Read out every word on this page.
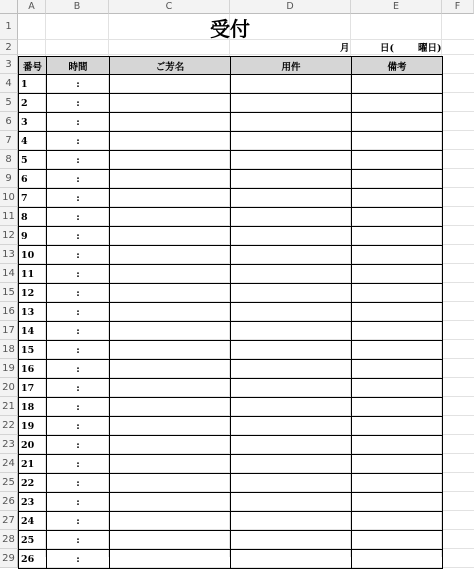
A	B	C	D	E	F
1
2
3
4
5
6
7
8
9
10
11
12
13
14
15
16
17
18
19
20
21
22
23
24
25
26
27
28
29
受付
月	日(	曜日)
番号	時間	ご芳名	用件	備考
1	:			
2	:			
3	:			
4	:			
5	:			
6	:			
7	:			
8	:			
9	:			
10	:			
11	:			
12	:			
13	:			
14	:			
15	:			
16	:			
17	:			
18	:			
19	:			
20	:			
21	:			
22	:			
23	:			
24	:			
25	:			
26	:			
